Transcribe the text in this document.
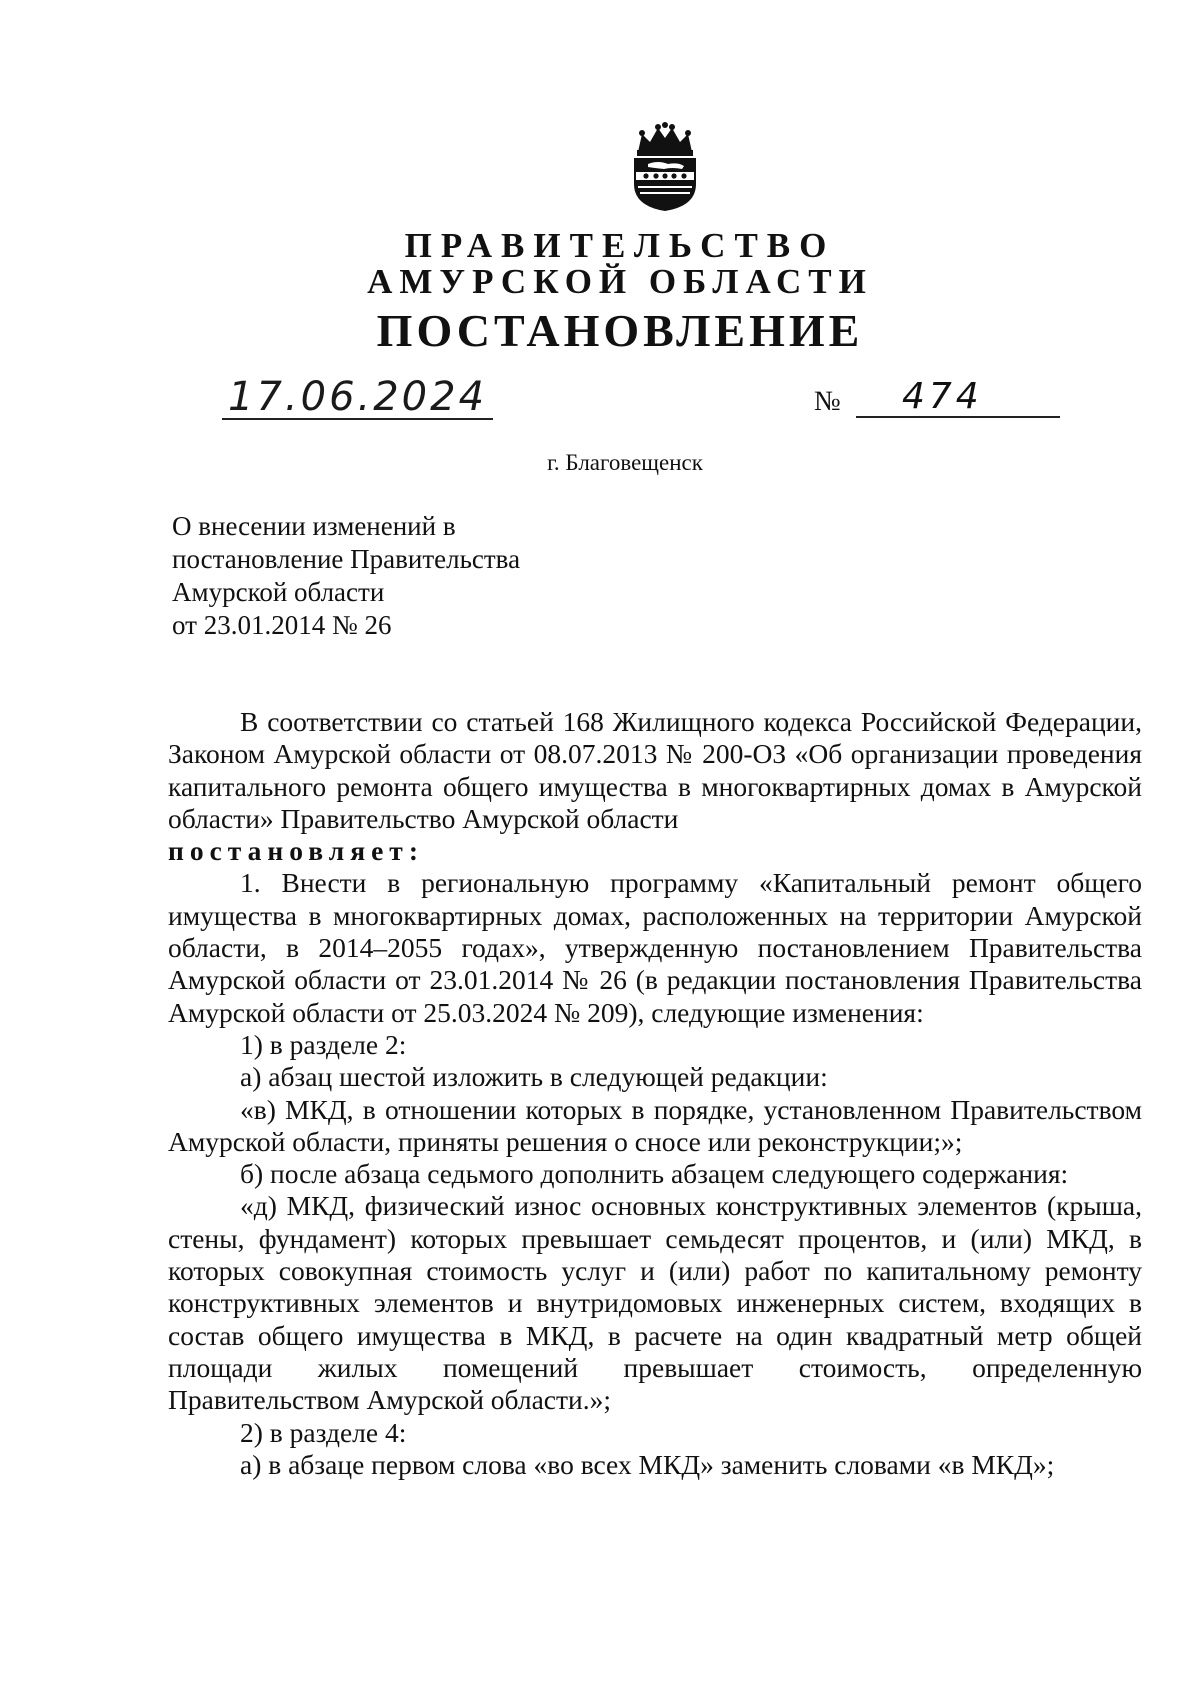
ПРАВИТЕЛЬСТВО
АМУРСКОЙ ОБЛАСТИ
ПОСТАНОВЛЕНИЕ
17.06.2024	№	474
г. Благовещенск
О внесении изменений в
постановление Правительства
Амурской области
от 23.01.2014 № 26

В соответствии со статьей 168 Жилищного кодекса Российской Федерации, Законом Амурской области от 08.07.2013 № 200-ОЗ «Об организации проведения капитального ремонта общего имущества в многоквартирных домах в Амурской области» Правительство Амурской области

постановляет:

1. Внести в региональную программу «Капитальный ремонт общего имущества в многоквартирных домах, расположенных на территории Амурской области, в 2014–2055 годах», утвержденную постановлением Правительства Амурской области от 23.01.2014 № 26 (в редакции постановления Правительства Амурской области от 25.03.2024 № 209), следующие изменения:

1) в разделе 2:

а) абзац шестой изложить в следующей редакции:

«в) МКД, в отношении которых в порядке, установленном Правительством Амурской области, приняты решения о сносе или реконструкции;»;

б) после абзаца седьмого дополнить абзацем следующего содержания:

«д) МКД, физический износ основных конструктивных элементов (крыша, стены, фундамент) которых превышает семьдесят процентов, и (или) МКД, в которых совокупная стоимость услуг и (или) работ по капитальному ремонту конструктивных элементов и внутридомовых инженерных систем, входящих в состав общего имущества в МКД, в расчете на один квадратный метр общей площади жилых помещений превышает стоимость, определенную Правительством Амурской области.»;

2) в разделе 4:

а) в абзаце первом слова «во всех МКД» заменить словами «в МКД»;
